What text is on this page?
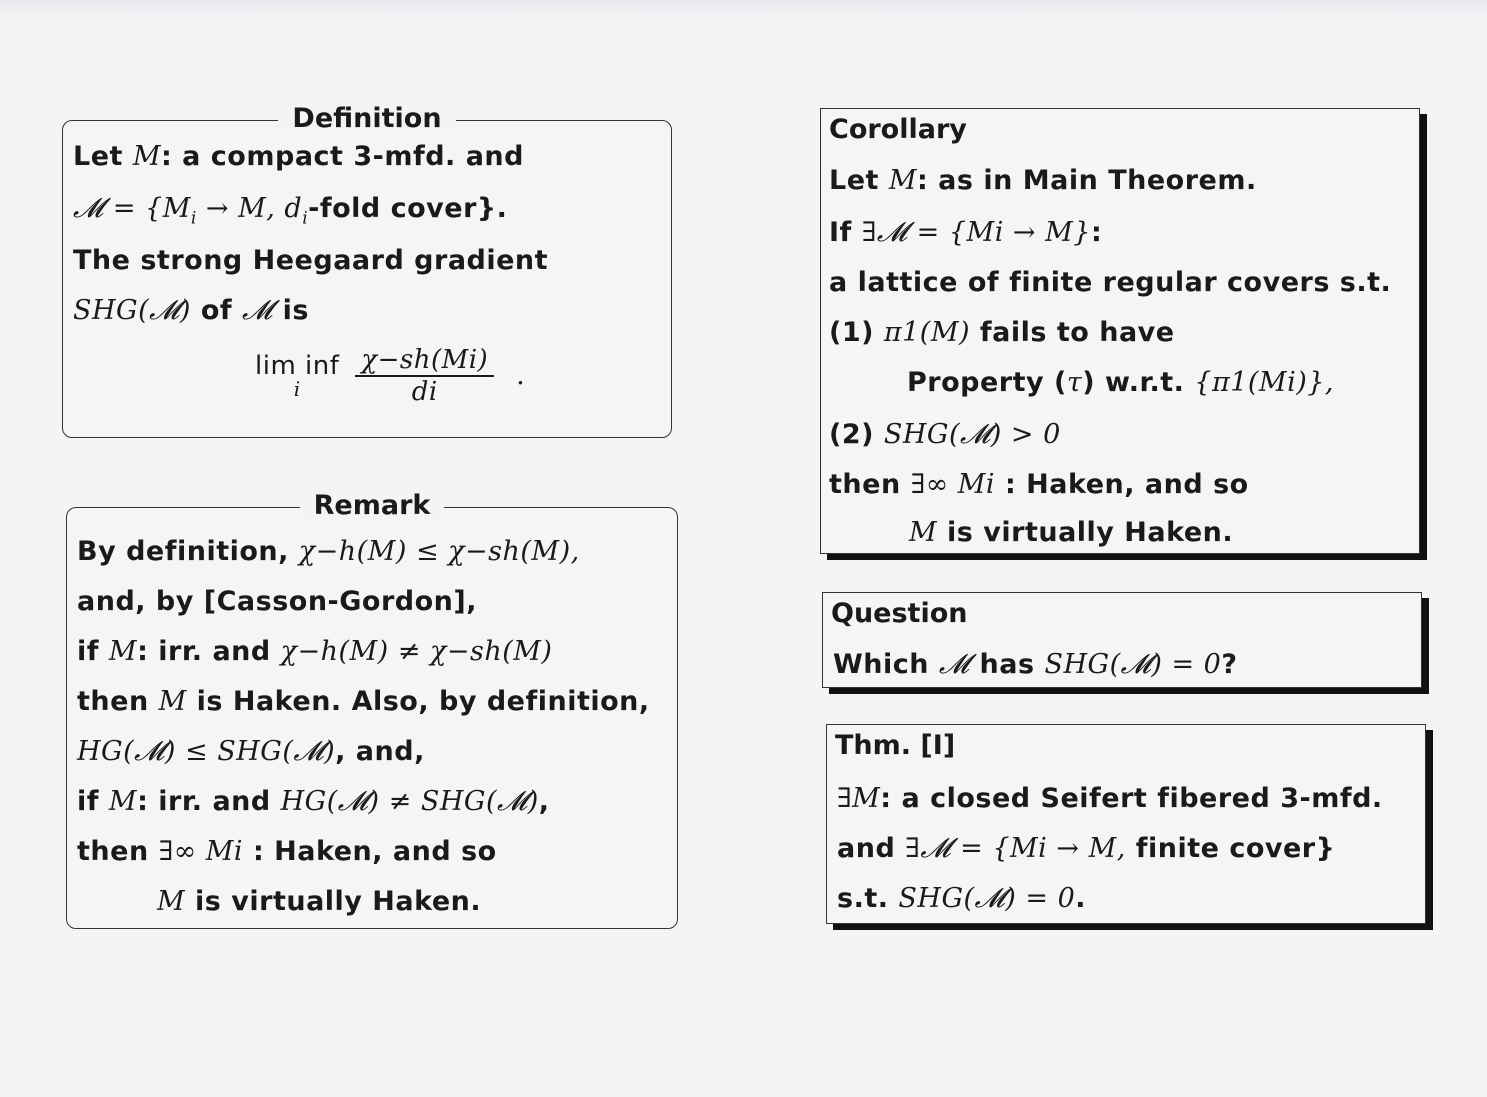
Definition
Let M: a compact 3-mfd. and
𝓜 = {$M_i \to M$, $d_i$-fold cover}.
The strong Heegaard gradient
SHG(𝓜) of 𝓜 is
lim inf
i
	$\frac{\chi-sh(Mi)}{di}$ .
Remark
By definition, χ−h(M) ≤ χ−sh(M),
and, by [Casson-Gordon],
if M: irr. and χ−h(M) ≠ χ−sh(M)
then M is Haken. Also, by definition,
HG(𝓜) ≤ SHG(𝓜), and,
if M: irr. and HG(𝓜) ≠ SHG(𝓜),
then ∃∞ Mi : Haken, and so
M is virtually Haken.
Corollary
Let M: as in Main Theorem.
If ∃𝓜 = {Mi → M}:
a lattice of finite regular covers s.t.
(1) π1(M) fails to have
Property (τ) w.r.t. {π1(Mi)},
(2) SHG(𝓜) > 0
then ∃∞ Mi : Haken, and so
M is virtually Haken.
Question
Which 𝓜 has SHG(𝓜) = 0?
Thm. [I]
∃M: a closed Seifert fibered 3-mfd.
and ∃𝓜 = {Mi → M, finite cover}
s.t. SHG(𝓜) = 0.
